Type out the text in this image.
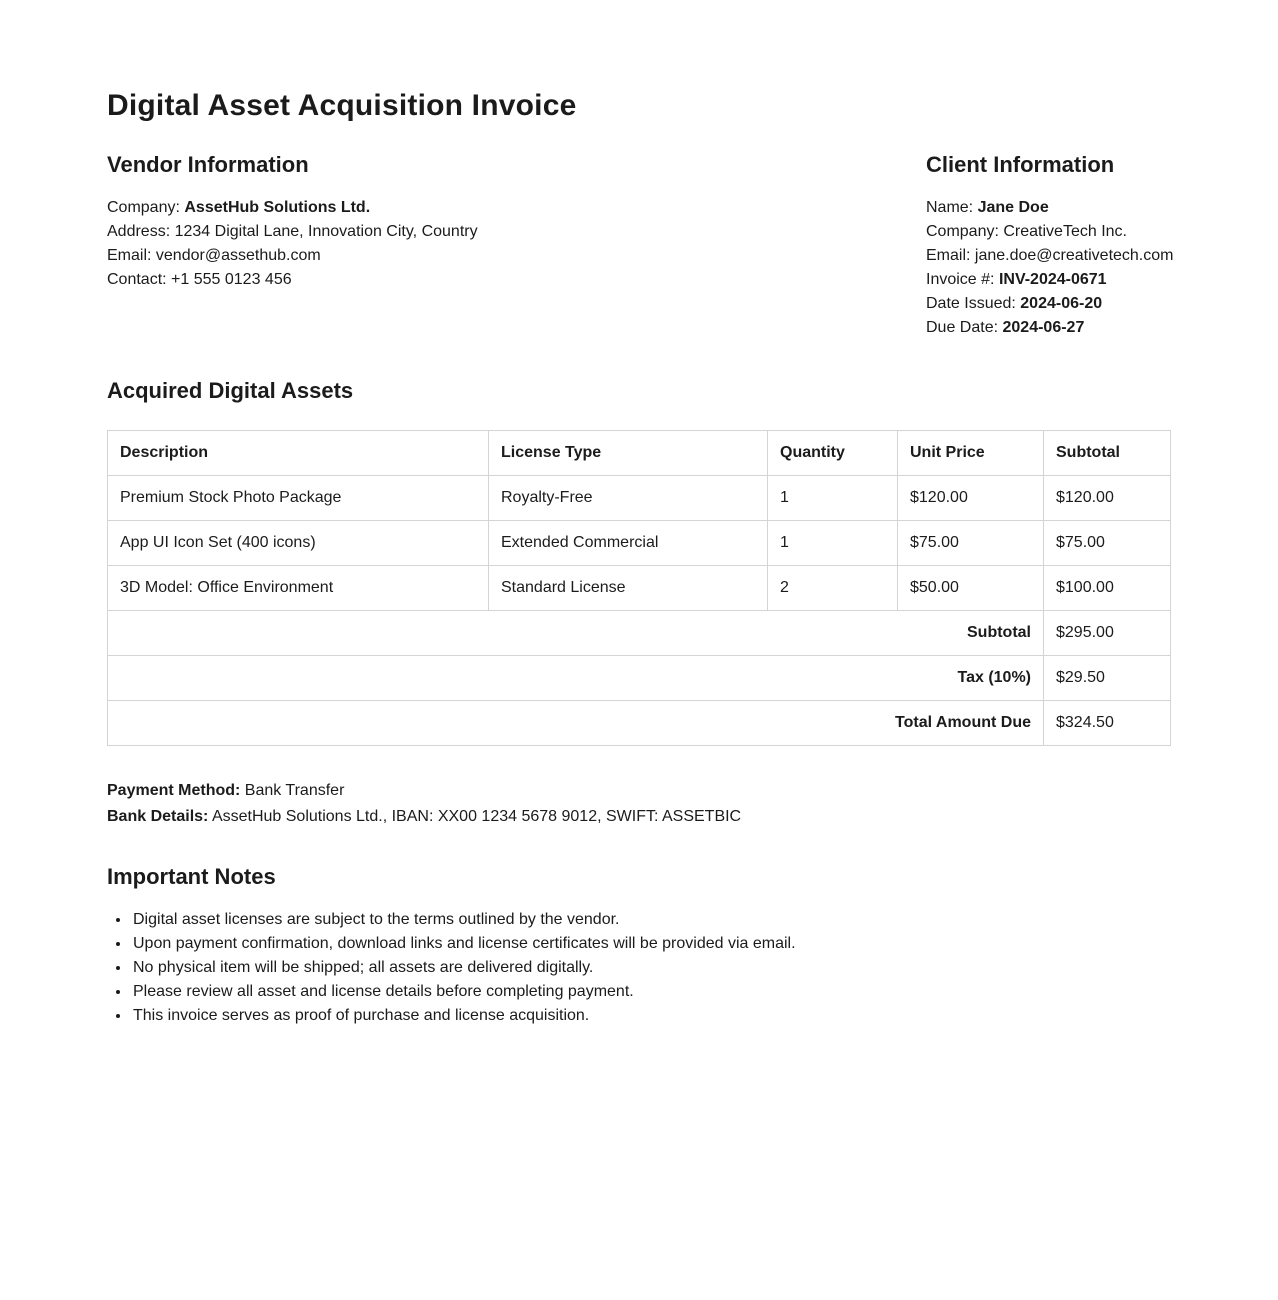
Digital Asset Acquisition Invoice
Vendor Information
Company: AssetHub Solutions Ltd.
Address: 1234 Digital Lane, Innovation City, Country
Email: vendor@assethub.com
Contact: +1 555 0123 456
Client Information
Name: Jane Doe
Company: CreativeTech Inc.
Email: jane.doe@creativetech.com
Invoice #: INV-2024-0671
Date Issued: 2024-06-20
Due Date: 2024-06-27
Acquired Digital Assets
Description	License Type	Quantity	Unit Price	Subtotal
Premium Stock Photo Package	Royalty-Free	1	$120.00	$120.00
App UI Icon Set (400 icons)	Extended Commercial	1	$75.00	$75.00
3D Model: Office Environment	Standard License	2	$50.00	$100.00
Subtotal				$295.00
Tax (10%)				$29.50
Total Amount Due				$324.50
Payment Method: Bank Transfer
Bank Details: AssetHub Solutions Ltd., IBAN: XX00 1234 5678 9012, SWIFT: ASSETBIC
Important Notes
• Digital asset licenses are subject to the terms outlined by the vendor.
• Upon payment confirmation, download links and license certificates will be provided via email.
• No physical item will be shipped; all assets are delivered digitally.
• Please review all asset and license details before completing payment.
• This invoice serves as proof of purchase and license acquisition.
